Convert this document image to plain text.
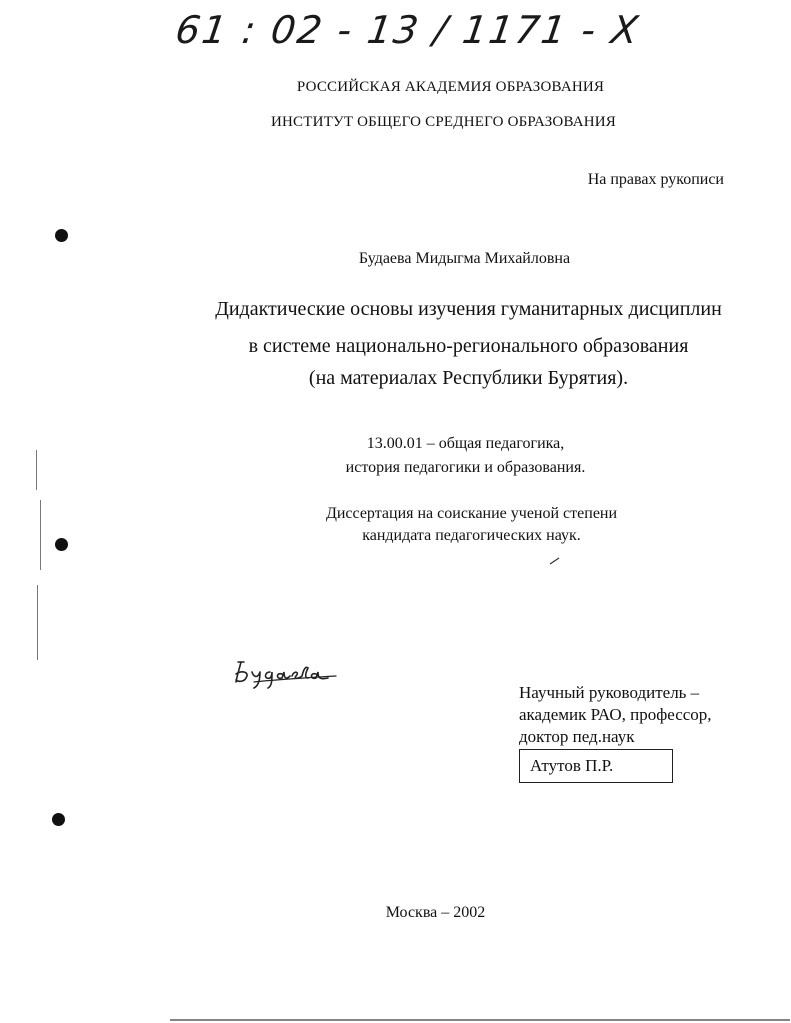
61 : 02 - 13 / 1171 - X
РОССИЙСКАЯ АКАДЕМИЯ ОБРАЗОВАНИЯ
ИНСТИТУТ ОБЩЕГО СРЕДНЕГО ОБРАЗОВАНИЯ
На правах рукописи
Будаева Мидыгма Михайловна
Дидактические основы изучения гуманитарных дисциплин
в системе национально-регионального образования
(на материалах Республики Бурятия).
13.00.01 – общая педагогика,
история педагогики и образования.
Диссертация на соискание ученой степени
кандидата педагогических наук.
Научный руководитель –
академик РАО, профессор,
доктор пед.наук
Атутов П.Р.
Москва – 2002
